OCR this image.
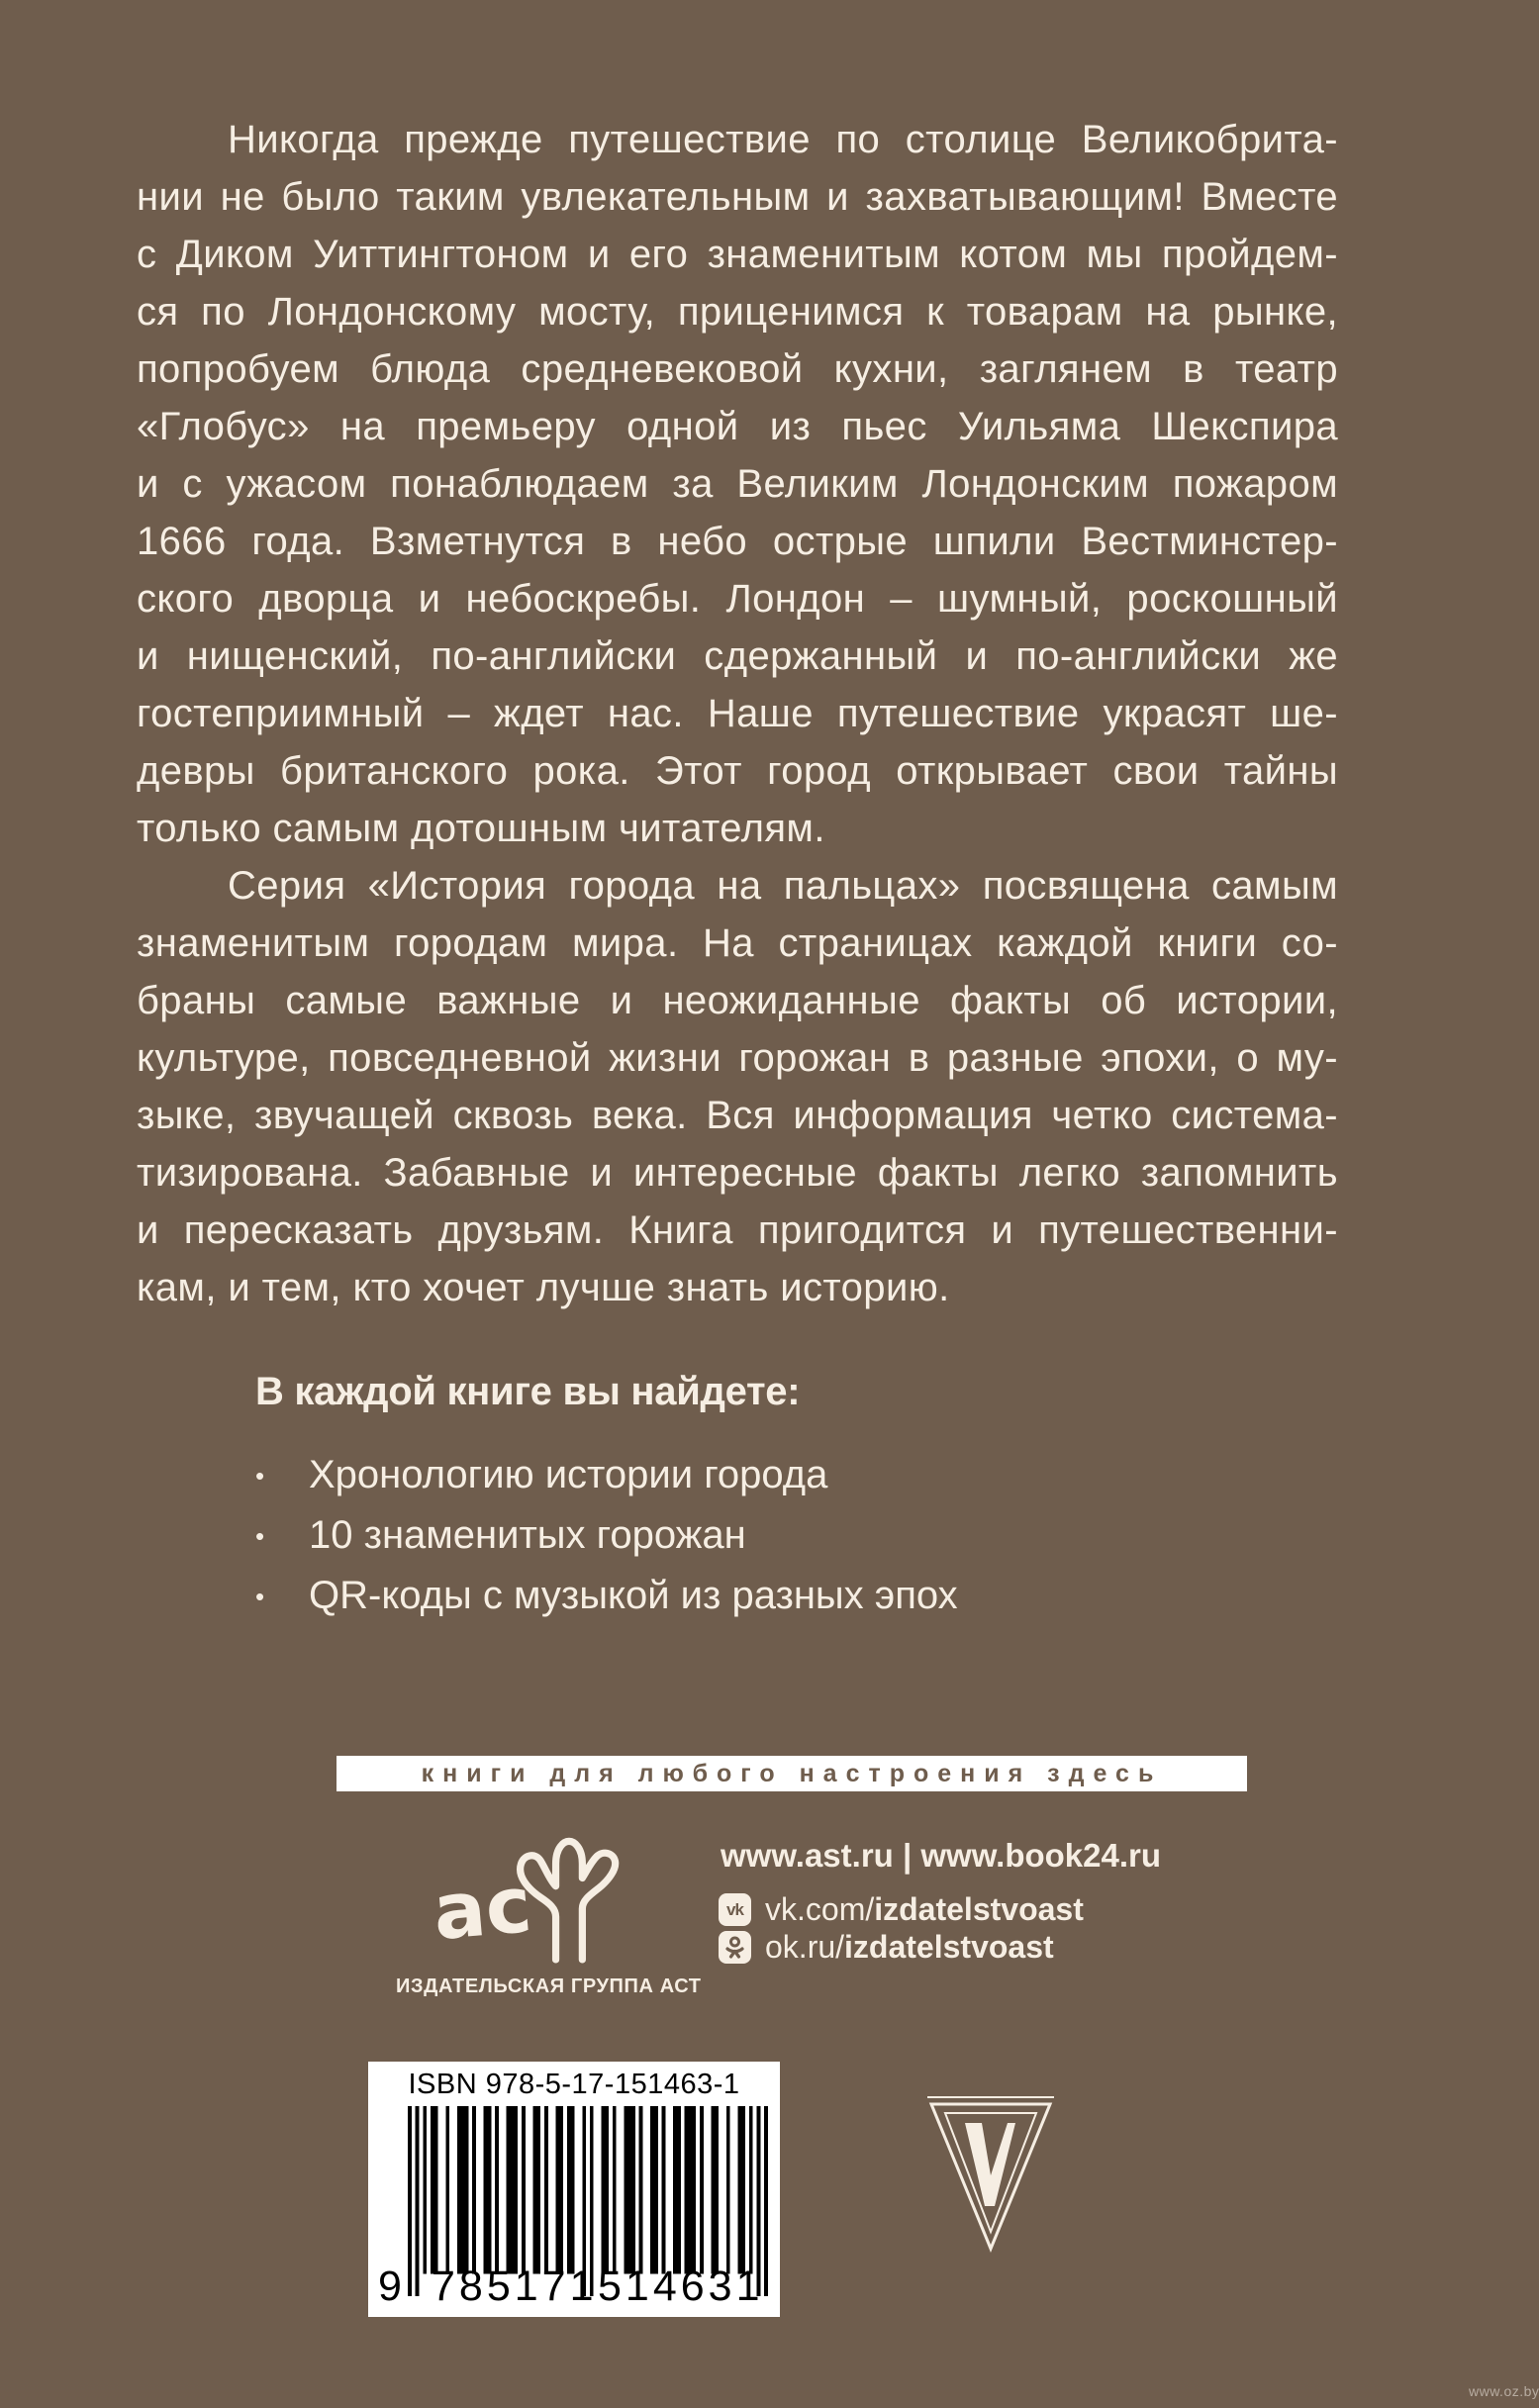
Никогда прежде путешествие по столице Великобрита-
нии не было таким увлекательным и захватывающим! Вместе
с Диком Уиттингтоном и его знаменитым котом мы пройдем-
ся по Лондонскому мосту, приценимся к товарам на рынке,
попробуем блюда средневековой кухни, заглянем в театр
«Глобус» на премьеру одной из пьес Уильяма Шекспира
и с ужасом понаблюдаем за Великим Лондонским пожаром
1666 года. Взметнутся в небо острые шпили Вестминстер-
ского дворца и небоскребы. Лондон – шумный, роскошный
и нищенский, по-английски сдержанный и по-английски же
гостеприимный – ждет нас. Наше путешествие украсят ше-
девры британского рока. Этот город открывает свои тайны
только самым дотошным читателям.
Серия «История города на пальцах» посвящена самым
знаменитым городам мира. На страницах каждой книги со-
браны самые важные и неожиданные факты об истории,
культуре, повседневной жизни горожан в разные эпохи, о му-
зыке, звучащей сквозь века. Вся информация четко система-
тизирована. Забавные и интересные факты легко запомнить
и пересказать друзьям. Книга пригодится и путешественни-
кам, и тем, кто хочет лучше знать историю.
В каждой книге вы найдете:
•	Хронологию истории города
•	10 знаменитых горожан
•	QR-коды с музыкой из разных эпох
книги для любого настроения здесь
ас
ИЗДАТЕЛЬСКАЯ ГРУППА АСТ
www.ast.ru | www.book24.ru
vk vk.com/izdatelstvoast
ok.ru/izdatelstvoast
ISBN 978-5-17-151463-1
9 785171 514631
www.oz.by
